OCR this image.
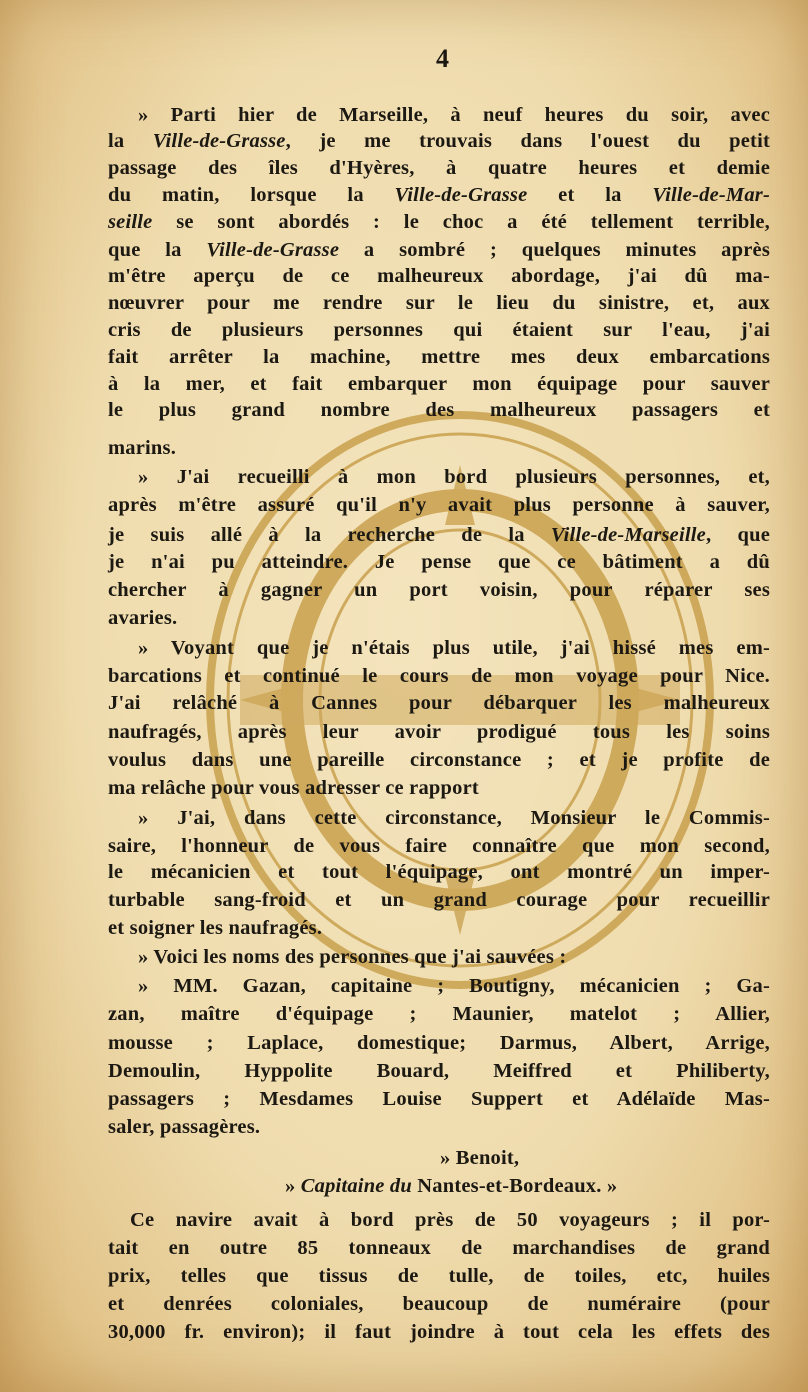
4
» Parti hier de Marseille, à neuf heures du soir, avec
la Ville-de-Grasse, je me trouvais dans l'ouest du petit
passage des îles d'Hyères, à quatre heures et demie
du matin, lorsque la Ville-de-Grasse et la Ville-de-Mar-
seille se sont abordés : le choc a été tellement terrible,
que la Ville-de-Grasse a sombré ; quelques minutes après
m'être aperçu de ce malheureux abordage, j'ai dû ma-
nœuvrer pour me rendre sur le lieu du sinistre, et, aux
cris de plusieurs personnes qui étaient sur l'eau, j'ai
fait arrêter la machine, mettre mes deux embarcations
à la mer, et fait embarquer mon équipage pour sauver
le plus grand nombre des malheureux passagers et
marins.
» J'ai recueilli à mon bord plusieurs personnes, et,
après m'être assuré qu'il n'y avait plus personne à sauver,
je suis allé à la recherche de la Ville-de-Marseille, que
je n'ai pu atteindre. Je pense que ce bâtiment a dû
chercher à gagner un port voisin, pour réparer ses
avaries.
» Voyant que je n'étais plus utile, j'ai hissé mes em-
barcations et continué le cours de mon voyage pour Nice.
J'ai relâché à Cannes pour débarquer les malheureux
naufragés, après leur avoir prodigué tous les soins
voulus dans une pareille circonstance ; et je profite de
ma relâche pour vous adresser ce rapport
» J'ai, dans cette circonstance, Monsieur le Commis-
saire, l'honneur de vous faire connaître que mon second,
le mécanicien et tout l'équipage, ont montré un imper-
turbable sang-froid et un grand courage pour recueillir
et soigner les naufragés.
» Voici les noms des personnes que j'ai sauvées :
» MM. Gazan, capitaine ; Boutigny, mécanicien ; Ga-
zan, maître d'équipage ; Maunier, matelot ; Allier,
mousse ; Laplace, domestique; Darmus, Albert, Arrige,
Demoulin, Hyppolite Bouard, Meiffred et Philiberty,
passagers ; Mesdames Louise Suppert et Adélaïde Mas-
saler, passagères.
» Benoit,
» Capitaine du Nantes-et-Bordeaux. »
Ce navire avait à bord près de 50 voyageurs ; il por-
tait en outre 85 tonneaux de marchandises de grand
prix, telles que tissus de tulle, de toiles, etc, huiles
et denrées coloniales, beaucoup de numéraire (pour
30,000 fr. environ); il faut joindre à tout cela les effets des
